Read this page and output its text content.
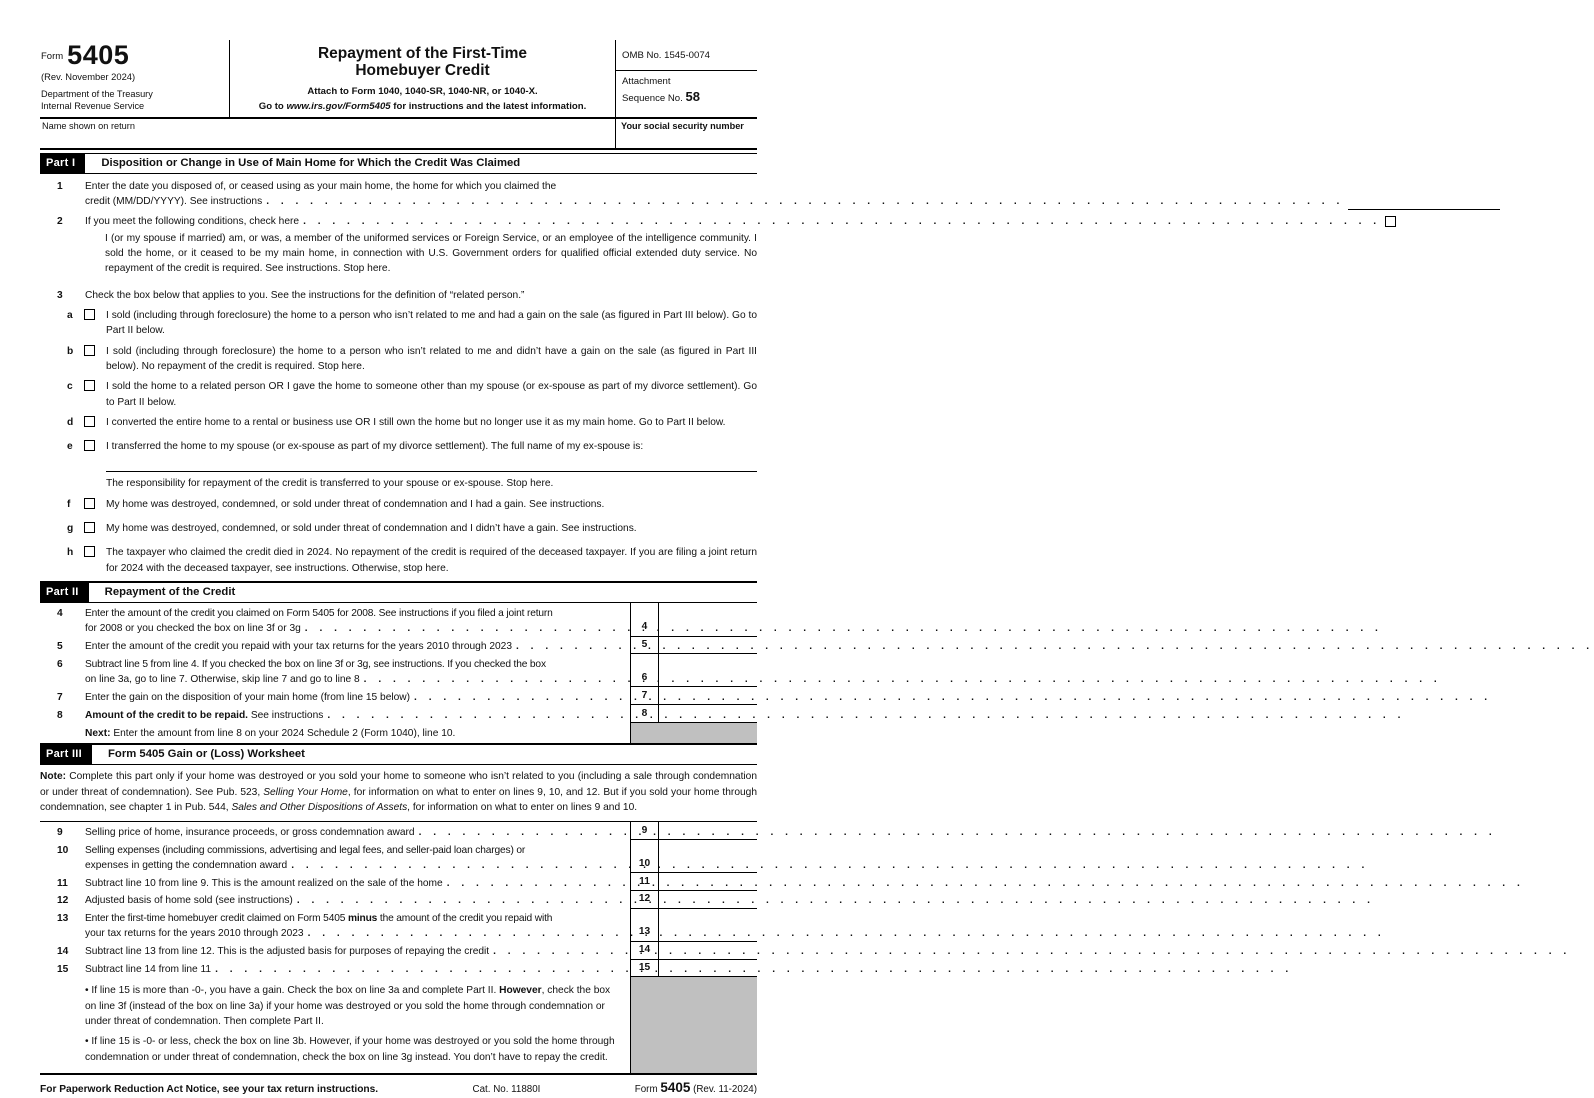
Form 5405
(Rev. November 2024)
Department of the Treasury
Internal Revenue Service
Repayment of the First-Time
Homebuyer Credit
Attach to Form 1040, 1040-SR, 1040-NR, or 1040-X.
Go to www.irs.gov/Form5405 for instructions and the latest information.
OMB No. 1545-0074
Attachment
Sequence No. 58
Name shown on return	Your social security number
Part I	Disposition or Change in Use of Main Home for Which the Credit Was Claimed
1	Enter the date you disposed of, or ceased using as your main home, the home for which you claimed the
credit (MM/DD/YYYY). See instructions
. . .
2	If you meet the following conditions, check here
. . .
I (or my spouse if married) am, or was, a member of the uniformed services or Foreign Service, or an employee of the intelligence community. I sold the home, or it ceased to be my main home, in connection with U.S. Government orders for qualified official extended duty service. No repayment of the credit is required. See instructions. Stop here.
3	Check the box below that applies to you. See the instructions for the definition of “related person.”
a	I sold (including through foreclosure) the home to a person who isn’t related to me and had a gain on the sale (as figured in Part III below). Go to Part II below.
b	I sold (including through foreclosure) the home to a person who isn’t related to me and didn’t have a gain on the sale (as figured in Part III below). No repayment of the credit is required. Stop here.
c	I sold the home to a related person OR I gave the home to someone other than my spouse (or ex-spouse as part of my divorce settlement). Go to Part II below.
d	I converted the entire home to a rental or business use OR I still own the home but no longer use it as my main home. Go to Part II below.
e	I transferred the home to my spouse (or ex-spouse as part of my divorce settlement). The full name of my ex-spouse is:
The responsibility for repayment of the credit is transferred to your spouse or ex-spouse. Stop here.
f	My home was destroyed, condemned, or sold under threat of condemnation and I had a gain. See instructions.
g	My home was destroyed, condemned, or sold under threat of condemnation and I didn’t have a gain. See instructions.
h	The taxpayer who claimed the credit died in 2024. No repayment of the credit is required of the deceased taxpayer. If you are filing a joint return for 2024 with the deceased taxpayer, see instructions. Otherwise, stop here.
Part II	Repayment of the Credit
4	Enter the amount of the credit you claimed on Form 5405 for 2008. See instructions if you filed a joint return
for 2008 or you checked the box on line 3f or 3g . . .	4
5	Enter the amount of the credit you repaid with your tax returns for the years 2010 through 2023 . . .	5
6	Subtract line 5 from line 4. If you checked the box on line 3f or 3g, see instructions. If you checked the box
on line 3a, go to line 7. Otherwise, skip line 7 and go to line 8 . . .	6
7	Enter the gain on the disposition of your main home (from line 15 below) . . .	7
8	Amount of the credit to be repaid. See instructions . . .	8
Next: Enter the amount from line 8 on your 2024 Schedule 2 (Form 1040), line 10.
Part III	Form 5405 Gain or (Loss) Worksheet
Note: Complete this part only if your home was destroyed or you sold your home to someone who isn’t related to you (including a sale through condemnation or under threat of condemnation). See Pub. 523, Selling Your Home, for information on what to enter on lines 9, 10, and 12. But if you sold your home through condemnation, see chapter 1 in Pub. 544, Sales and Other Dispositions of Assets, for information on what to enter on lines 9 and 10.
9	Selling price of home, insurance proceeds, or gross condemnation award . . .	9
10	Selling expenses (including commissions, advertising and legal fees, and seller-paid loan charges) or
expenses in getting the condemnation award . . .	10
11	Subtract line 10 from line 9. This is the amount realized on the sale of the home . . .	11
12	Adjusted basis of home sold (see instructions) . . .	12
13	Enter the first-time homebuyer credit claimed on Form 5405 minus the amount of the credit you repaid with
your tax returns for the years 2010 through 2023 . . .	13
14	Subtract line 13 from line 12. This is the adjusted basis for purposes of repaying the credit . . .	14
15	Subtract line 14 from line 11 . . .	15
• If line 15 is more than -0-, you have a gain. Check the box on line 3a and complete Part II. However, check the box on line 3f (instead of the box on line 3a) if your home was destroyed or you sold the home through condemnation or under threat of condemnation. Then complete Part II.
• If line 15 is -0- or less, check the box on line 3b. However, if your home was destroyed or you sold the home through condemnation or under threat of condemnation, check the box on line 3g instead. You don’t have to repay the credit.
For Paperwork Reduction Act Notice, see your tax return instructions.	Cat. No. 11880I	Form 5405 (Rev. 11-2024)
